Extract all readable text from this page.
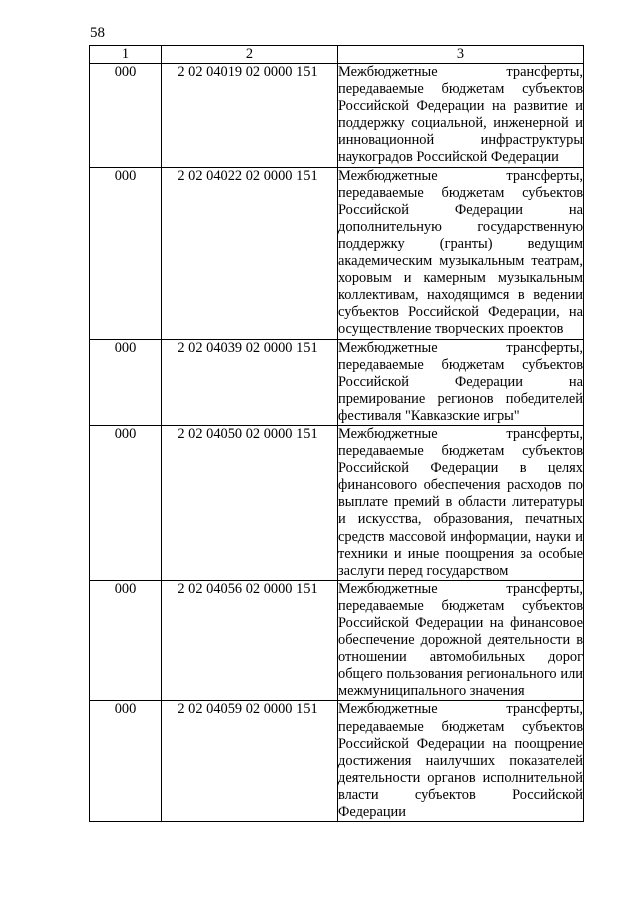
58
1	2	3
000	2 02 04019 02 0000 151	Межбюджетные трансферты, передаваемые бюджетам субъектов Российской Федерации на развитие и поддержку социальной, инженерной и инновационной инфраструктуры наукоградов Российской Федерации
000	2 02 04022 02 0000 151	Межбюджетные трансферты, передаваемые бюджетам субъектов Российской Федерации на дополнительную государственную поддержку (гранты) ведущим академическим музыкальным театрам, хоровым и камерным музыкальным коллективам, находящимся в ведении субъектов Российской Федерации, на осуществление творческих проектов
000	2 02 04039 02 0000 151	Межбюджетные трансферты, передаваемые бюджетам субъектов Российской Федерации на премирование регионов победителей фестиваля "Кавказские игры"
000	2 02 04050 02 0000 151	Межбюджетные трансферты, передаваемые бюджетам субъектов Российской Федерации в целях финансового обеспечения расходов по выплате премий в области литературы и искусства, образования, печатных средств массовой информации, науки и техники и иные поощрения за особые заслуги перед государством
000	2 02 04056 02 0000 151	Межбюджетные трансферты, передаваемые бюджетам субъектов Российской Федерации на финансовое обеспечение дорожной деятельности в отношении автомобильных дорог общего пользования регионального или межмуниципального значения
000	2 02 04059 02 0000 151	Межбюджетные трансферты, передаваемые бюджетам субъектов Российской Федерации на поощрение достижения наилучших показателей деятельности органов исполнительной власти субъектов Российской Федерации
